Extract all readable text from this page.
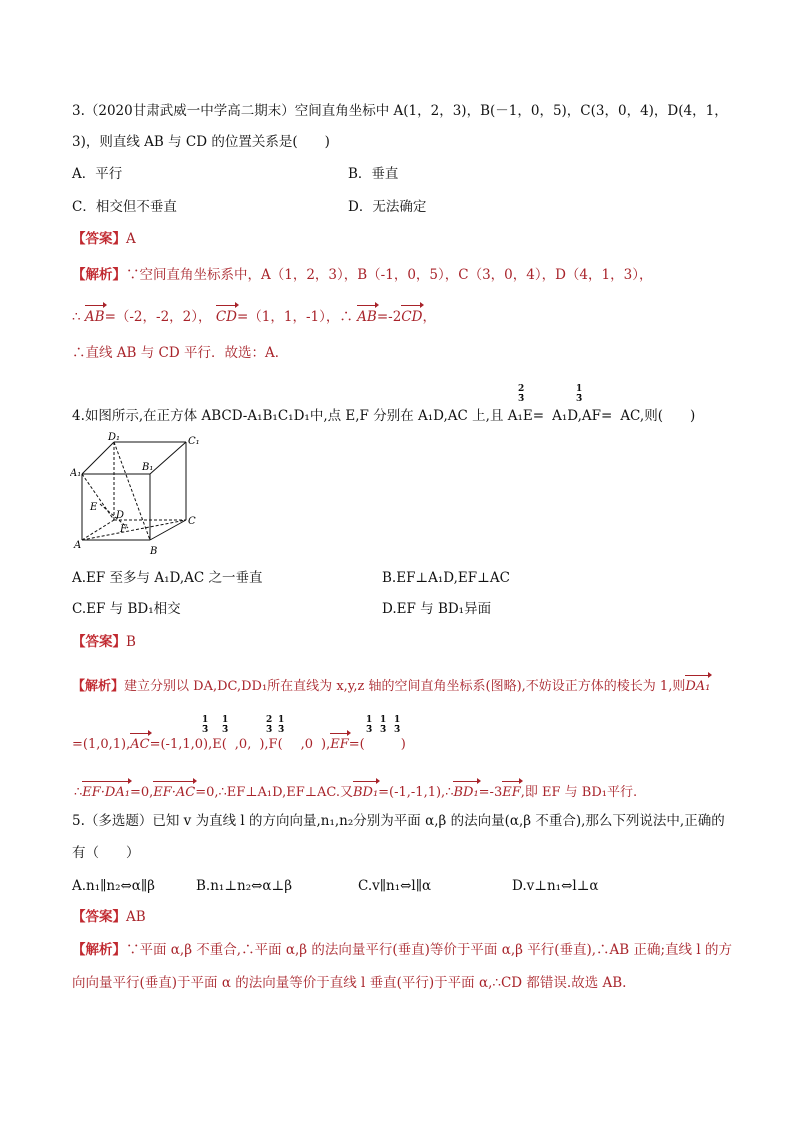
3.（2020甘肃武威一中学高二期末）空间直角坐标中 A(1，2，3)，B(－1，0，5)，C(3，0，4)，D(4，1，
3)，则直线 AB 与 CD 的位置关系是(　　)
A．平行	B．垂直
C．相交但不垂直	D．无法确定
【答案】A
【解析】∵空间直角坐标系中，A（1，2，3），B（-1，0，5），C（3，0，4），D（4，1，3），
∴ AB=（-2，-2，2）， CD=（1，1，-1），∴ AB=-2CD，
∴直线 AB 与 CD 平行．故选：A．
4.如图所示,在正方体 ABCD-A₁B₁C₁D₁中,点 E,F 分别在 A₁D,AC 上,且 A₁E= A₁D,AF= AC,则(　　)
2
3
1
3
D₁	C₁
A₁
B₁
E
D
F
C
A
B
A.EF 至多与 A₁D,AC 之一垂直	B.EF⊥A₁D,EF⊥AC
C.EF 与 BD₁相交	D.EF 与 BD₁异面
【答案】B
【解析】建立分别以 DA,DC,DD₁所在直线为 x,y,z 轴的空间直角坐标系(图略),不妨设正方体的棱长为 1,则DA₁
=(1,0,1),AC=(-1,1,0),E( ,0, ),F( ,0 ),EF=(	)
1
3
1
3
2
3
1
3
1
3
1
3
1
3
∴EF·DA₁=0,EF·AC=0,∴EF⊥A₁D,EF⊥AC.又BD₁=(-1,-1,1),∴BD₁=-3EF,即 EF 与 BD₁平行.
5.（多选题）已知 v 为直线 l 的方向向量,n₁,n₂分别为平面 α,β 的法向量(α,β 不重合),那么下列说法中,正确的
有（　　）
A.n₁∥n₂⇔α∥β	B.n₁⊥n₂⇔α⊥β	C.v∥n₁⇔l∥α	D.v⊥n₁⇔l⊥α
【答案】AB
【解析】∵平面 α,β 不重合,∴平面 α,β 的法向量平行(垂直)等价于平面 α,β 平行(垂直),∴AB 正确;直线 l 的方
向向量平行(垂直)于平面 α 的法向量等价于直线 l 垂直(平行)于平面 α,∴CD 都错误.故选 AB.
